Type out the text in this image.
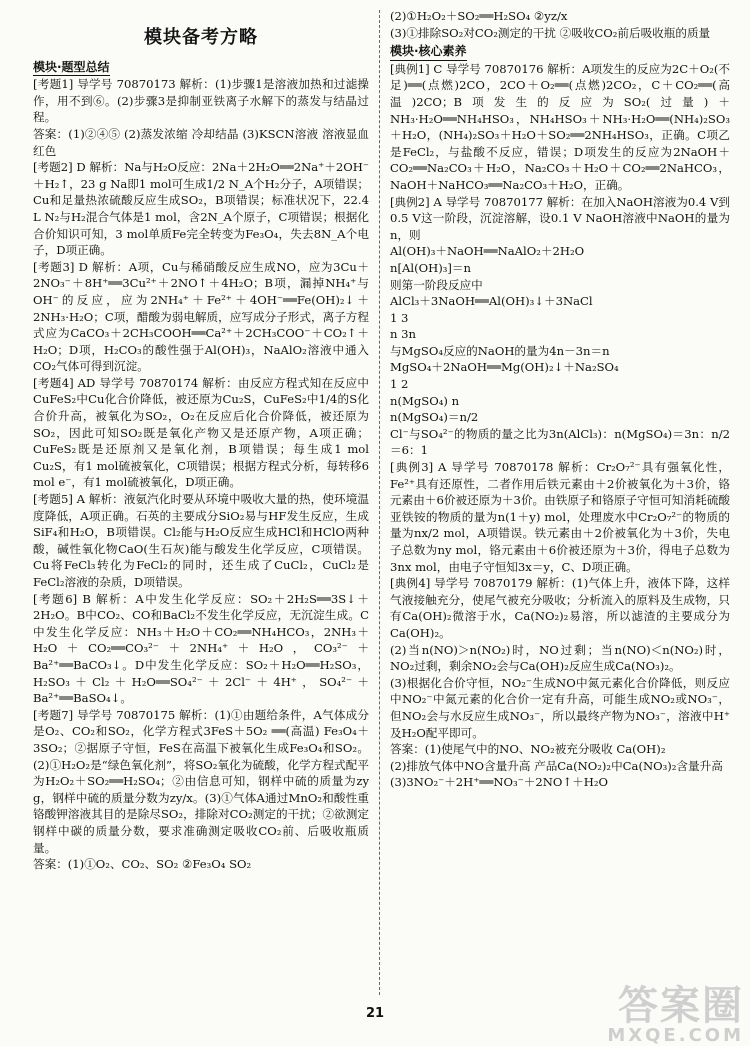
模块备考方略
模块·题型总结

[考题1] 导学号 70870173 解析：(1)步骤1是溶液加热和过滤操作，用不到⑥。(2)步骤3是抑制亚铁离子水解下的蒸发与结晶过程。

答案：(1)②④⑤ (2)蒸发浓缩 冷却结晶 (3)KSCN溶液 溶液显血红色

[考题2] D 解析：Na与H₂O反应：2Na＋2H₂O══2Na⁺＋2OH⁻＋H₂↑，23 g Na即1 mol可生成1/2 N_A个H₂分子，A项错误；Cu和足量热浓硫酸反应生成SO₂，B项错误；标准状况下，22.4 L N₂与H₂混合气体是1 mol，含2N_A个原子，C项错误；根据化合价知识可知，3 mol单质Fe完全转变为Fe₃O₄，失去8N_A个电子，D项正确。

[考题3] D 解析：A项，Cu与稀硝酸反应生成NO，应为3Cu＋2NO₃⁻＋8H⁺══3Cu²⁺＋2NO↑＋4H₂O；B项，漏掉NH₄⁺与OH⁻的反应，应为2NH₄⁺＋Fe²⁺＋4OH⁻══Fe(OH)₂↓＋2NH₃·H₂O；C项，醋酸为弱电解质，应写成分子形式，离子方程式应为CaCO₃＋2CH₃COOH══Ca²⁺＋2CH₃COO⁻＋CO₂↑＋H₂O；D项，H₂CO₃的酸性强于Al(OH)₃，NaAlO₂溶液中通入CO₂气体可得到沉淀。

[考题4] AD 导学号 70870174 解析：由反应方程式知在反应中CuFeS₂中Cu化合价降低，被还原为Cu₂S，CuFeS₂中1/4的S化合价升高，被氧化为SO₂，O₂在反应后化合价降低，被还原为SO₂，因此可知SO₂既是氧化产物又是还原产物，A项正确；CuFeS₂既是还原剂又是氧化剂，B项错误；每生成1 mol Cu₂S，有1 mol硫被氧化，C项错误；根据方程式分析，每转移6 mol e⁻，有1 mol硫被氧化，D项正确。

[考题5] A 解析：液氨汽化时要从环境中吸收大量的热，使环境温度降低，A项正确。石英的主要成分SiO₂易与HF发生反应，生成SiF₄和H₂O，B项错误。Cl₂能与H₂O反应生成HCl和HClO两种酸，碱性氧化物CaO(生石灰)能与酸发生化学反应，C项错误。Cu将FeCl₃转化为FeCl₂的同时，还生成了CuCl₂，CuCl₂是FeCl₂溶液的杂质，D项错误。

[考题6] B 解析：A中发生化学反应：SO₂＋2H₂S══3S↓＋2H₂O。B中CO₂、CO和BaCl₂不发生化学反应，无沉淀生成。C中发生化学反应：NH₃＋H₂O＋CO₂══NH₄HCO₃，2NH₃＋H₂O＋CO₂══CO₃²⁻＋2NH₄⁺＋H₂O，CO₃²⁻＋Ba²⁺══BaCO₃↓。D中发生化学反应：SO₂＋H₂O══H₂SO₃，H₂SO₃＋Cl₂＋H₂O══SO₄²⁻＋2Cl⁻＋4H⁺，SO₄²⁻＋Ba²⁺══BaSO₄↓。

[考题7] 导学号 70870175 解析：(1)①由题给条件，A气体成分是O₂、CO₂和SO₂，化学方程式3FeS＋5O₂ ══(高温) Fe₃O₄＋3SO₂；②据原子守恒，FeS在高温下被氧化生成Fe₃O₄和SO₂。(2)①H₂O₂是“绿色氧化剂”，将SO₂氧化为硫酸，化学方程式配平为H₂O₂＋SO₂══H₂SO₄；②由信息可知，钢样中硫的质量为zy g，钢样中硫的质量分数为zy/x。(3)①气体A通过MnO₂和酸性重铬酸钾溶液其目的是除尽SO₂，排除对CO₂测定的干扰；②欲测定钢样中碳的质量分数，要求准确测定吸收CO₂前、后吸收瓶质量。

答案：(1)①O₂、CO₂、SO₂ ②Fe₃O₄ SO₂

(2)①H₂O₂＋SO₂══H₂SO₄ ②yz/x

(3)①排除SO₂对CO₂测定的干扰 ②吸收CO₂前后吸收瓶的质量

模块·核心素养

[典例1] C 导学号 70870176 解析：A项发生的反应为2C＋O₂(不足)══(点燃)2CO，2CO＋O₂══(点燃)2CO₂，C＋CO₂══(高温)2CO；B项发生的反应为SO₂(过量)＋NH₃·H₂O══NH₄HSO₃，NH₄HSO₃＋NH₃·H₂O══(NH₄)₂SO₃＋H₂O，(NH₄)₂SO₃＋H₂O＋SO₂══2NH₄HSO₃，正确。C项乙是FeCl₂，与盐酸不反应，错误；D项发生的反应为2NaOH＋CO₂══Na₂CO₃＋H₂O，Na₂CO₃＋H₂O＋CO₂══2NaHCO₃，NaOH＋NaHCO₃══Na₂CO₃＋H₂O，正确。

[典例2] A 导学号 70870177 解析：在加入NaOH溶液为0.4 V到0.5 V这一阶段，沉淀溶解，设0.1 V NaOH溶液中NaOH的量为n，则

Al(OH)₃＋NaOH══NaAlO₂＋2H₂O

n[Al(OH)₃]＝n

则第一阶段反应中

AlCl₃＋3NaOH══Al(OH)₃↓＋3NaCl

1 3

n 3n

与MgSO₄反应的NaOH的量为4n－3n＝n

MgSO₄＋2NaOH══Mg(OH)₂↓＋Na₂SO₄

1 2

n(MgSO₄) n

n(MgSO₄)＝n/2

Cl⁻与SO₄²⁻的物质的量之比为3n(AlCl₃)：n(MgSO₄)＝3n：n/2＝6：1

[典例3] A 导学号 70870178 解析：Cr₂O₇²⁻具有强氧化性，Fe²⁺具有还原性，二者作用后铁元素由＋2价被氧化为＋3价，铬元素由＋6价被还原为＋3价。由铁原子和铬原子守恒可知消耗硫酸亚铁铵的物质的量为n(1＋y) mol，处理废水中Cr₂O₇²⁻的物质的量为nx/2 mol，A项错误。铁元素由＋2价被氧化为＋3价，失电子总数为ny mol，铬元素由＋6价被还原为＋3价，得电子总数为3nx mol，由电子守恒知3x＝y，C、D项正确。

[典例4] 导学号 70870179 解析：(1)气体上升，液体下降，这样气液接触充分，使尾气被充分吸收；分析流入的原料及生成物，只有Ca(OH)₂微溶于水，Ca(NO₂)₂易溶，所以滤渣的主要成分为Ca(OH)₂。

(2)当n(NO)＞n(NO₂)时，NO过剩；当n(NO)＜n(NO₂)时，NO₂过剩，剩余NO₂会与Ca(OH)₂反应生成Ca(NO₃)₂。

(3)根据化合价守恒，NO₂⁻生成NO中氮元素化合价降低，则反应中NO₂⁻中氮元素的化合价一定有升高，可能生成NO₂或NO₃⁻，但NO₂会与水反应生成NO₃⁻，所以最终产物为NO₃⁻，溶液中H⁺及H₂O配平即可。

答案：(1)使尾气中的NO、NO₂被充分吸收 Ca(OH)₂

(2)排放气体中NO含量升高 产品Ca(NO₂)₂中Ca(NO₃)₂含量升高

(3)3NO₂⁻＋2H⁺══NO₃⁻＋2NO↑＋H₂O

21	答案圈
MXQE.COM
